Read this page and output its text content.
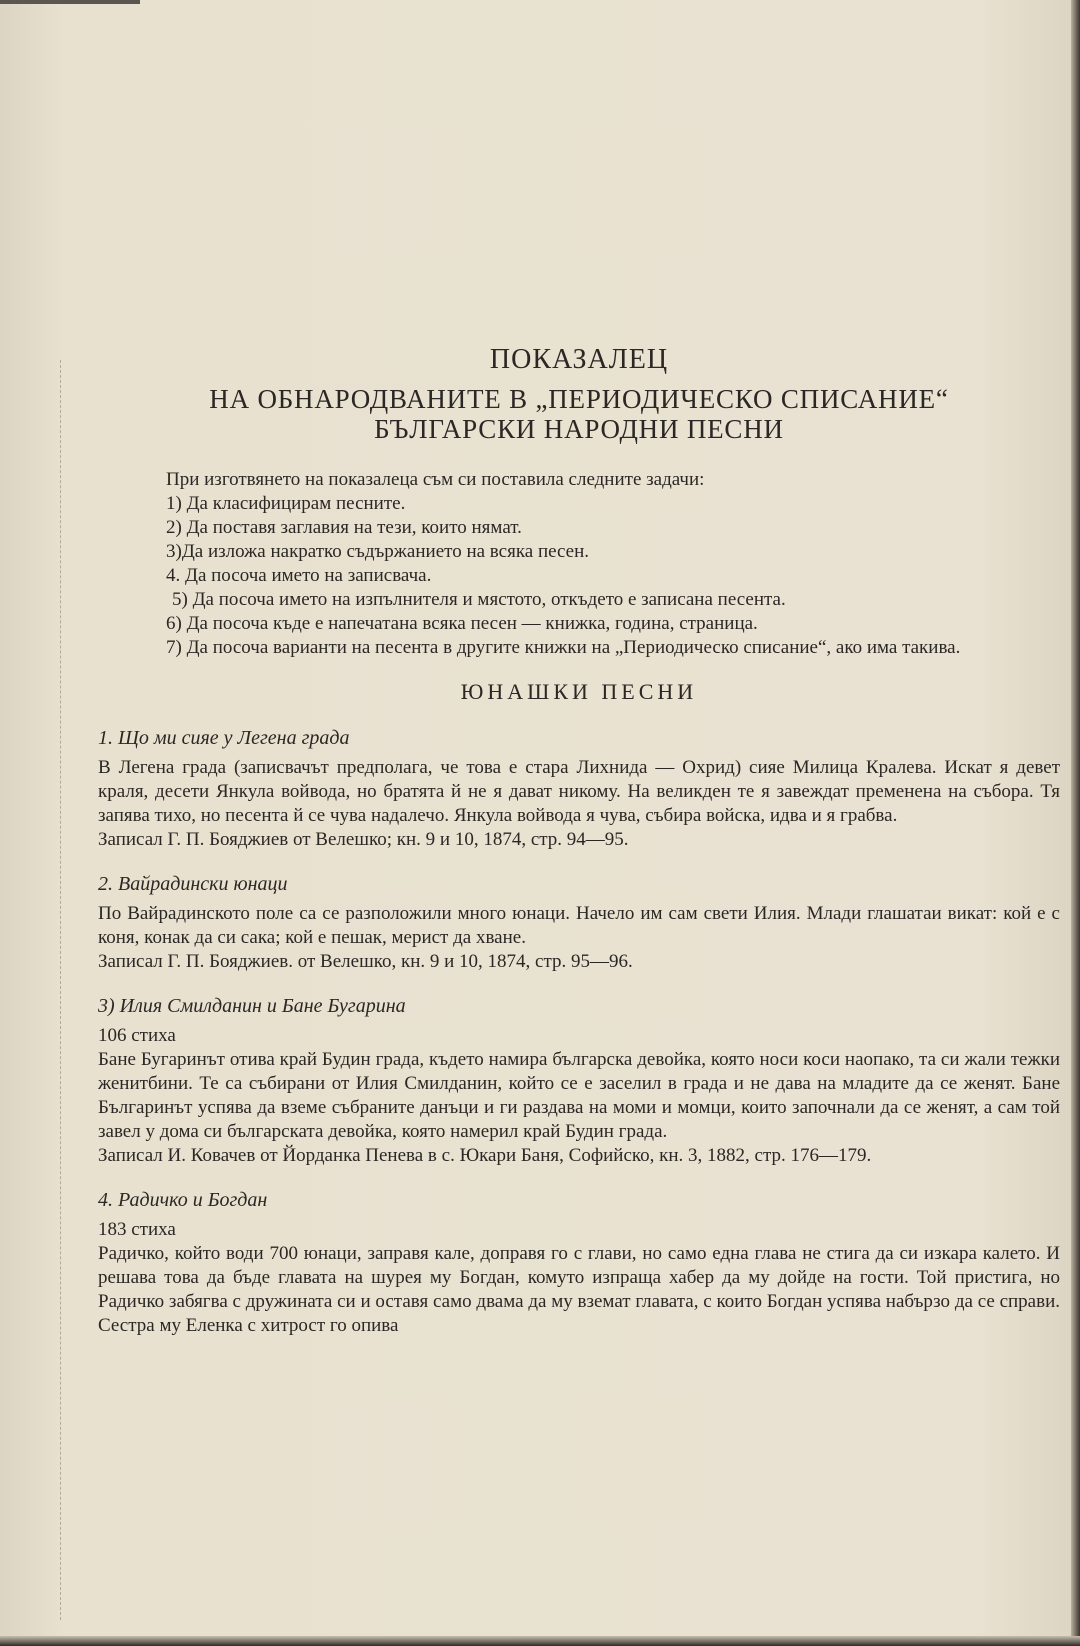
ПОКАЗАЛЕЦ
НА ОБНАРОДВАНИТЕ В „ПЕРИОДИЧЕСКО СПИСАНИЕ“
БЪЛГАРСКИ НАРОДНИ ПЕСНИ

При изготвянето на показалеца съм си поставила следните задачи:

1) Да класифицирам песните.

2) Да поставя заглавия на тези, които нямат.

3)Да изложа накратко съдържанието на всяка песен.

4. Да посоча името на записвача.

5) Да посоча името на изпълнителя и мястото, откъдето е записана песента.

6) Да посоча къде е напечатана всяка песен — книжка, година, страница.

7) Да посоча варианти на песента в другите книжки на „Периодическо списание“, ако има такива.

ЮНАШКИ ПЕСНИ
1. Що ми сияе у Легена града

В Легена града (записвачът предполага, че това е стара Лихнида — Охрид) сияе Милица Кралева. Искат я девет краля, десети Янкула войвода, но братята й не я дават никому. На великден те я завеждат пременена на събора. Тя запява тихо, но песента й се чува надалечо. Янкула войвода я чува, събира войска, идва и я грабва.

Записал Г. П. Бояджиев от Велешко; кн. 9 и 10, 1874, стр. 94—95.

2. Вайрадински юнаци

По Вайрадинското поле са се разположили много юнаци. Начело им сам свети Илия. Млади глашатаи викат: кой е с коня, конак да си сака; кой е пешак, мерист да хване.

Записал Г. П. Бояджиев. от Велешко, кн. 9 и 10, 1874, стр. 95—96.

3) Илия Смилданин и Бане Бугарина

106 стиха

Бане Бугаринът отива край Будин града, където намира българска девойка, която носи коси наопако, та си жали тежки женитбини. Те са събирани от Илия Смилданин, който се е заселил в града и не дава на младите да се женят. Бане Българинът успява да вземе събраните данъци и ги раздава на моми и момци, които започнали да се женят, а сам той завел у дома си българската девойка, която намерил край Будин града.

Записал И. Ковачев от Йорданка Пенева в с. Юкари Баня, Софийско, кн. 3, 1882, стр. 176—179.

4. Радичко и Богдан

183 стиха

Радичко, който води 700 юнаци, заправя кале, доправя го с глави, но само една глава не стига да си изкара калето. И решава това да бъде главата на шурея му Богдан, комуто изпраща хабер да му дойде на гости. Той пристига, но Радичко забягва с дружината си и оставя само двама да му вземат главата, с които Богдан успява набързо да се справи. Сестра му Еленка с хитрост го опива
